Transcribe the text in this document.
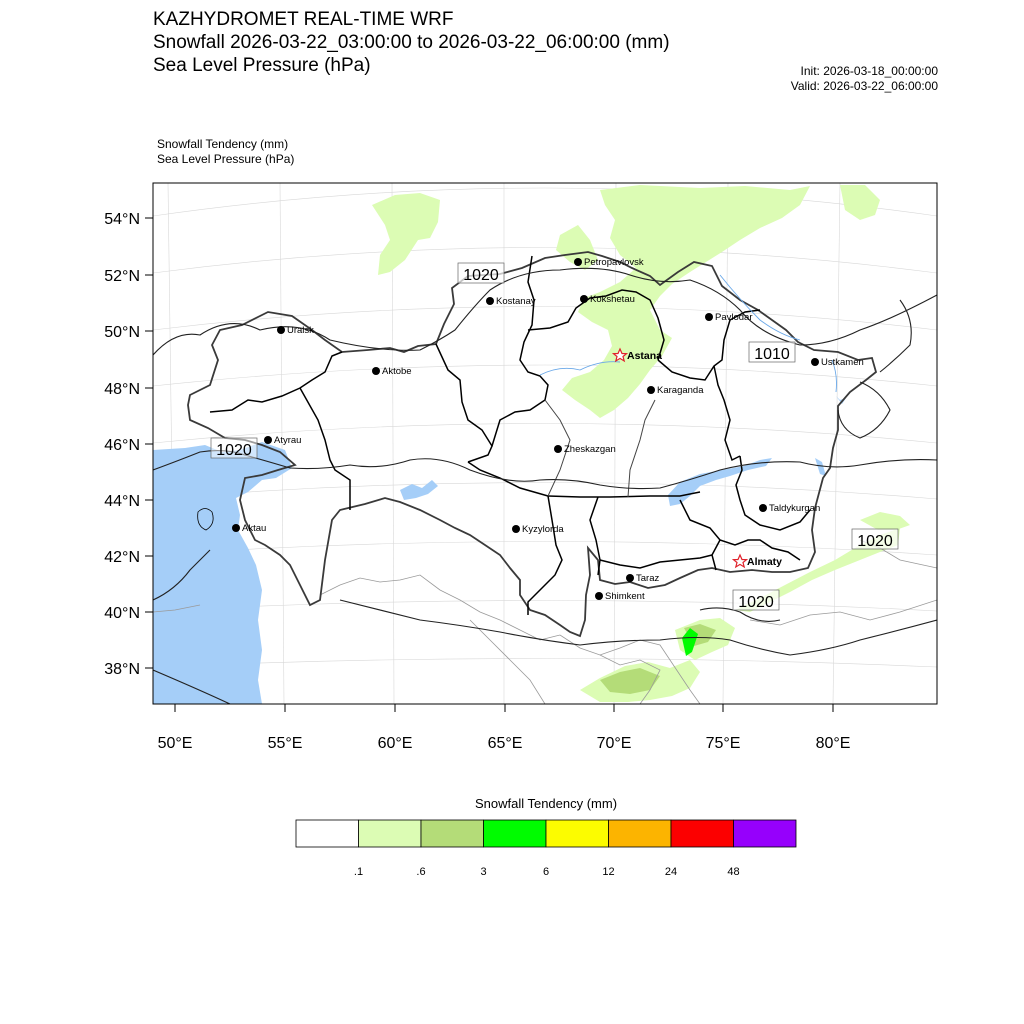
KAZHYDROMET REAL-TIME WRF
Snowfall 2026-03-22_03:00:00 to 2026-03-22_06:00:00 (mm)
Sea Level Pressure (hPa)	Init: 2026-03-18_00:00:00
Valid: 2026-03-22_06:00:00
Snowfall Tendency (mm)
Sea Level Pressure (hPa)
54°N
52°N
50°N
48°N
46°N
44°N
42°N
40°N
38°N
50°E	55°E	60°E	65°E	70°E	75°E	80°E
1020
1010
1020
1020
1020
Petropavlovsk
Kostanay	Kokshetau
Pavlodar
Uralsk
Aktobe
Astana
Ustkamen
Karaganda
Atyrau
Zheskazgan
Aktau	Kyzylorda
Taldykurgan
Almaty
Taraz
Shimkent
Snowfall Tendency (mm)
.1	.6	3	6	12	24	48
